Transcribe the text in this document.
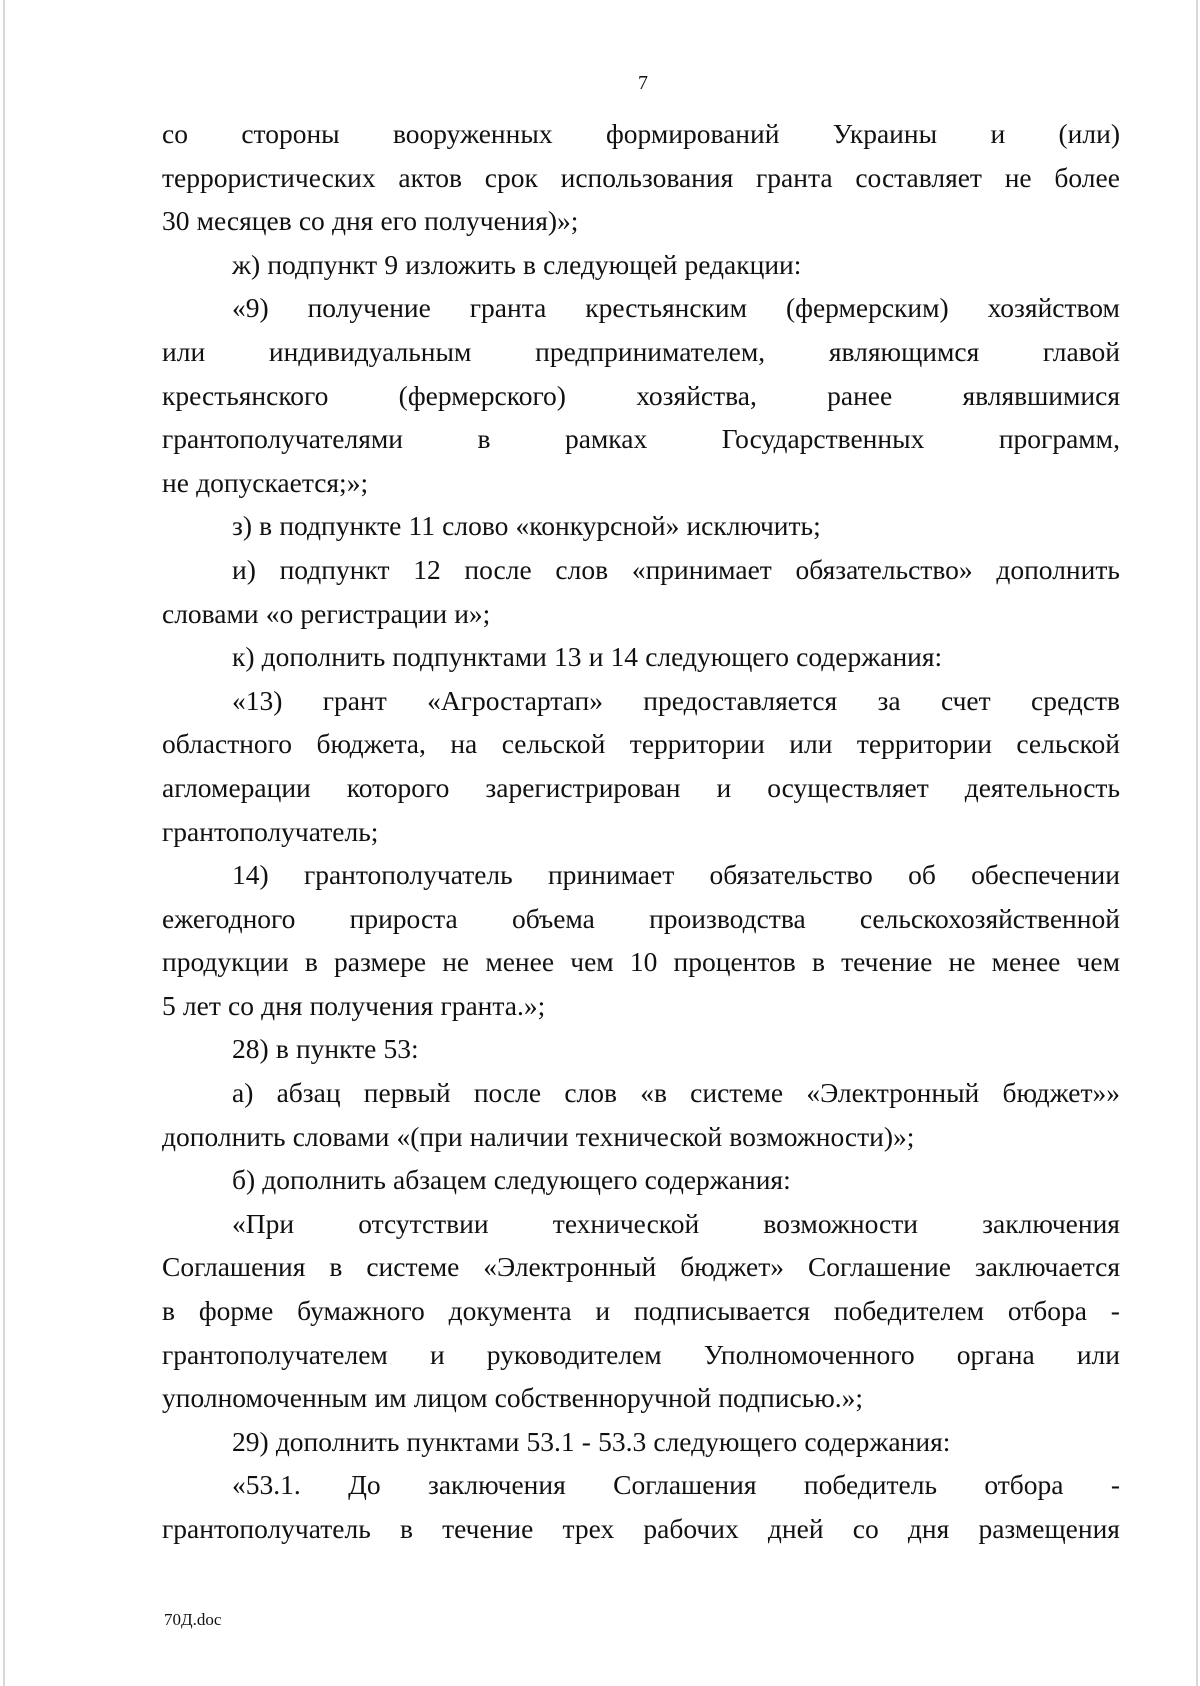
7
со стороны вооруженных формирований Украины и (или)
террористических актов срок использования гранта составляет не более
30 месяцев со дня его получения)»;
ж) подпункт 9 изложить в следующей редакции:
«9) получение гранта крестьянским (фермерским) хозяйством
или индивидуальным предпринимателем, являющимся главой
крестьянского	(фермерского)	хозяйства,	ранее	являвшимися
грантополучателями	в	рамках	Государственных	программ,
не допускается;»;
з) в подпункте 11 слово «конкурсной» исключить;
и) подпункт 12 после слов «принимает обязательство» дополнить
словами «о регистрации и»;
к) дополнить подпунктами 13 и 14 следующего содержания:
«13) грант «Агростартап» предоставляется за счет средств
областного бюджета, на сельской территории или территории сельской
агломерации которого зарегистрирован и осуществляет деятельность
грантополучатель;
14) грантополучатель принимает обязательство об обеспечении
ежегодного прироста объема производства сельскохозяйственной
продукции в размере не менее чем 10 процентов в течение не менее чем
5 лет со дня получения гранта.»;
28) в пункте 53:
а) абзац первый после слов «в системе «Электронный бюджет»»
дополнить словами «(при наличии технической возможности)»;
б) дополнить абзацем следующего содержания:
«При отсутствии технической возможности заключения
Соглашения в системе «Электронный бюджет» Соглашение заключается
в форме бумажного документа и подписывается победителем отбора -
грантополучателем и руководителем Уполномоченного органа или
уполномоченным им лицом собственноручной подписью.»;
29) дополнить пунктами 53.1 - 53.3 следующего содержания:
«53.1. До заключения Соглашения победитель отбора -
грантополучатель в течение трех рабочих дней со дня размещения
70Д.doc
